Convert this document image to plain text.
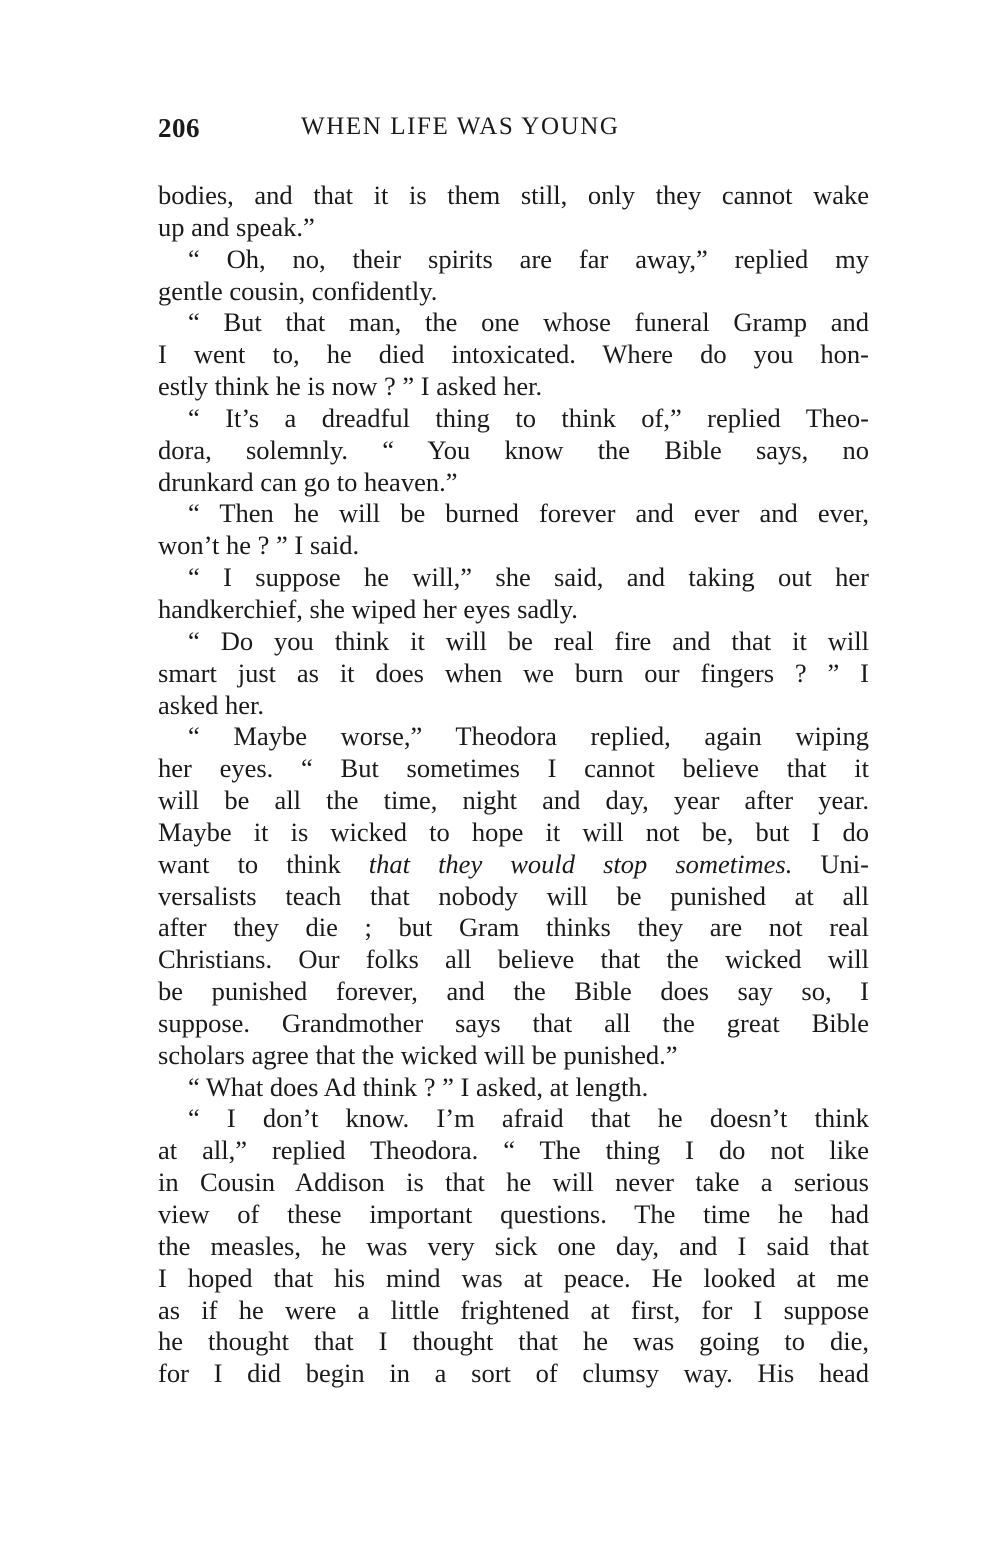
206	WHEN LIFE WAS YOUNG
bodies, and that it is them still, only they cannot wake
up and speak.”
“ Oh, no, their spirits are far away,” replied my
gentle cousin, confidently.
“ But that man, the one whose funeral Gramp and
I went to, he died intoxicated. Where do you hon-
estly think he is now ? ” I asked her.
“ It’s a dreadful thing to think of,” replied Theo-
dora, solemnly. “ You know the Bible says, no
drunkard can go to heaven.”
“ Then he will be burned forever and ever and ever,
won’t he ? ” I said.
“ I suppose he will,” she said, and taking out her
handkerchief, she wiped her eyes sadly.
“ Do you think it will be real fire and that it will
smart just as it does when we burn our fingers ? ” I
asked her.
“ Maybe worse,” Theodora replied, again wiping
her eyes. “ But sometimes I cannot believe that it
will be all the time, night and day, year after year.
Maybe it is wicked to hope it will not be, but I do
want to think that they would stop sometimes. Uni-
versalists teach that nobody will be punished at all
after they die ; but Gram thinks they are not real
Christians. Our folks all believe that the wicked will
be punished forever, and the Bible does say so, I
suppose. Grandmother says that all the great Bible
scholars agree that the wicked will be punished.”
“ What does Ad think ? ” I asked, at length.
“ I don’t know. I’m afraid that he doesn’t think
at all,” replied Theodora. “ The thing I do not like
in Cousin Addison is that he will never take a serious
view of these important questions. The time he had
the measles, he was very sick one day, and I said that
I hoped that his mind was at peace. He looked at me
as if he were a little frightened at first, for I suppose
he thought that I thought that he was going to die,
for I did begin in a sort of clumsy way. His head
